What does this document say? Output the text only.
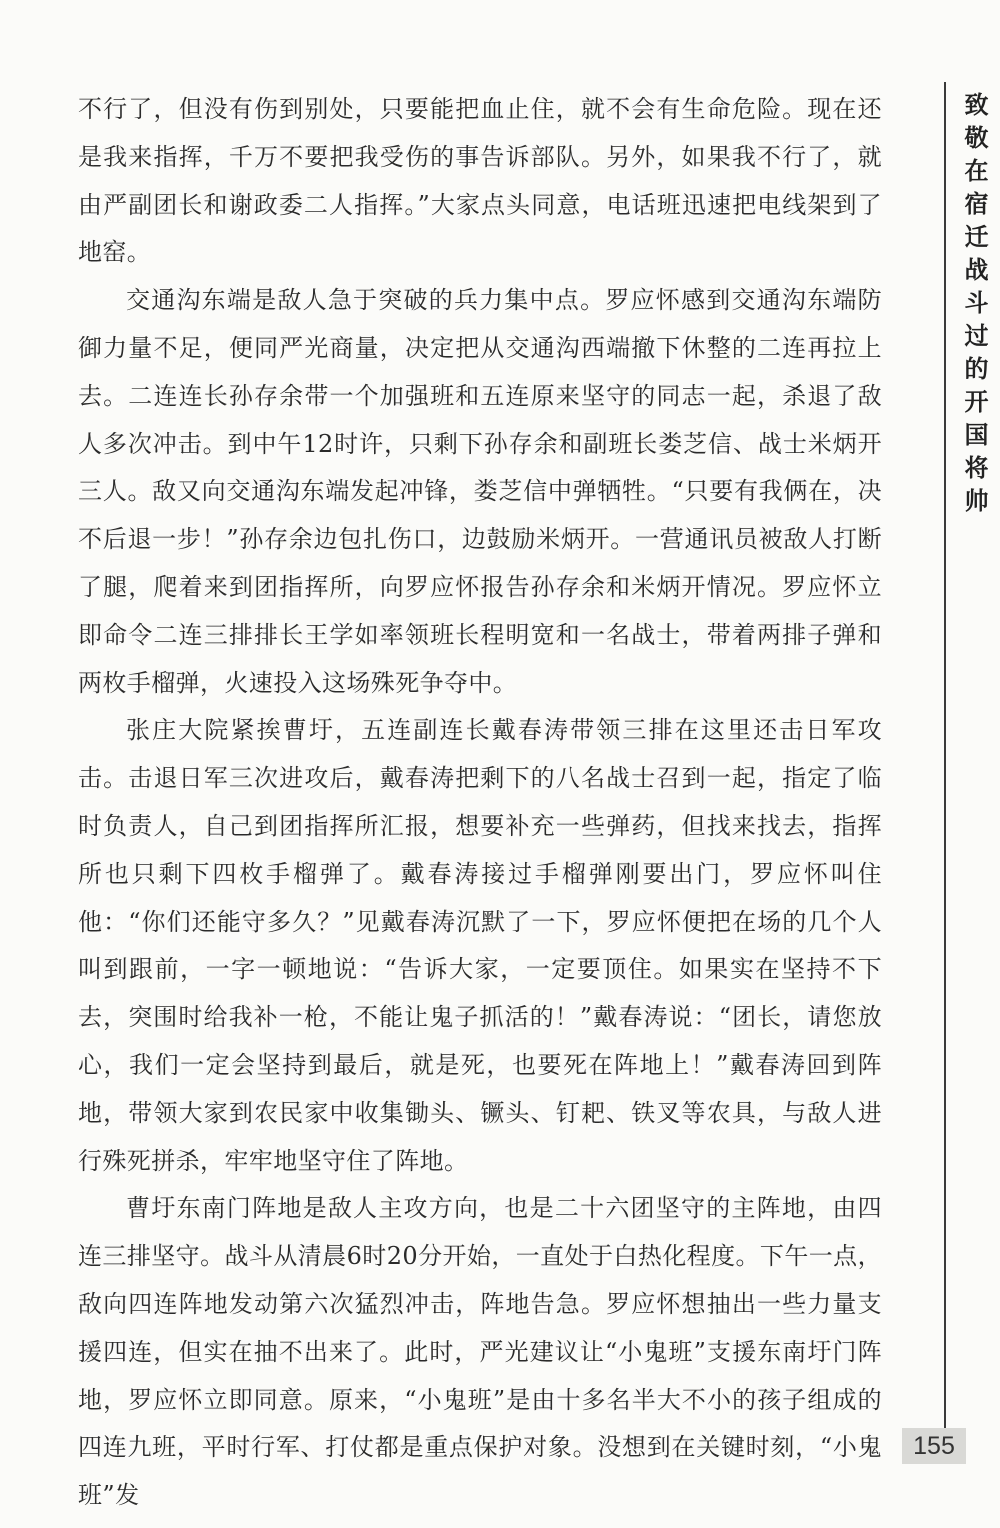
不行了，但没有伤到别处，只要能把血止住，就不会有生命危险。现在还是我来指挥，千万不要把我受伤的事告诉部队。另外，如果我不行了，就由严副团长和谢政委二人指挥。”大家点头同意，电话班迅速把电线架到了地窑。

交通沟东端是敌人急于突破的兵力集中点。罗应怀感到交通沟东端防御力量不足，便同严光商量，决定把从交通沟西端撤下休整的二连再拉上去。二连连长孙存余带一个加强班和五连原来坚守的同志一起，杀退了敌人多次冲击。到中午12时许，只剩下孙存余和副班长娄芝信、战士米炳开三人。敌又向交通沟东端发起冲锋，娄芝信中弹牺牲。“只要有我俩在，决不后退一步！”孙存余边包扎伤口，边鼓励米炳开。一营通讯员被敌人打断了腿，爬着来到团指挥所，向罗应怀报告孙存余和米炳开情况。罗应怀立即命令二连三排排长王学如率领班长程明宽和一名战士，带着两排子弹和两枚手榴弹，火速投入这场殊死争夺中。

张庄大院紧挨曹圩，五连副连长戴春涛带领三排在这里还击日军攻击。击退日军三次进攻后，戴春涛把剩下的八名战士召到一起，指定了临时负责人，自己到团指挥所汇报，想要补充一些弹药，但找来找去，指挥所也只剩下四枚手榴弹了。戴春涛接过手榴弹刚要出门，罗应怀叫住他：“你们还能守多久？”见戴春涛沉默了一下，罗应怀便把在场的几个人叫到跟前，一字一顿地说：“告诉大家，一定要顶住。如果实在坚持不下去，突围时给我补一枪，不能让鬼子抓活的！”戴春涛说：“团长，请您放心，我们一定会坚持到最后，就是死，也要死在阵地上！”戴春涛回到阵地，带领大家到农民家中收集锄头、镢头、钉耙、铁叉等农具，与敌人进行殊死拼杀，牢牢地坚守住了阵地。

曹圩东南门阵地是敌人主攻方向，也是二十六团坚守的主阵地，由四连三排坚守。战斗从清晨6时20分开始，一直处于白热化程度。下午一点，敌向四连阵地发动第六次猛烈冲击，阵地告急。罗应怀想抽出一些力量支援四连，但实在抽不出来了。此时，严光建议让“小鬼班”支援东南圩门阵地，罗应怀立即同意。原来，“小鬼班”是由十多名半大不小的孩子组成的四连九班，平时行军、打仗都是重点保护对象。没想到在关键时刻，“小鬼班”发

致敬在宿迁战斗过的开国将帅
155
